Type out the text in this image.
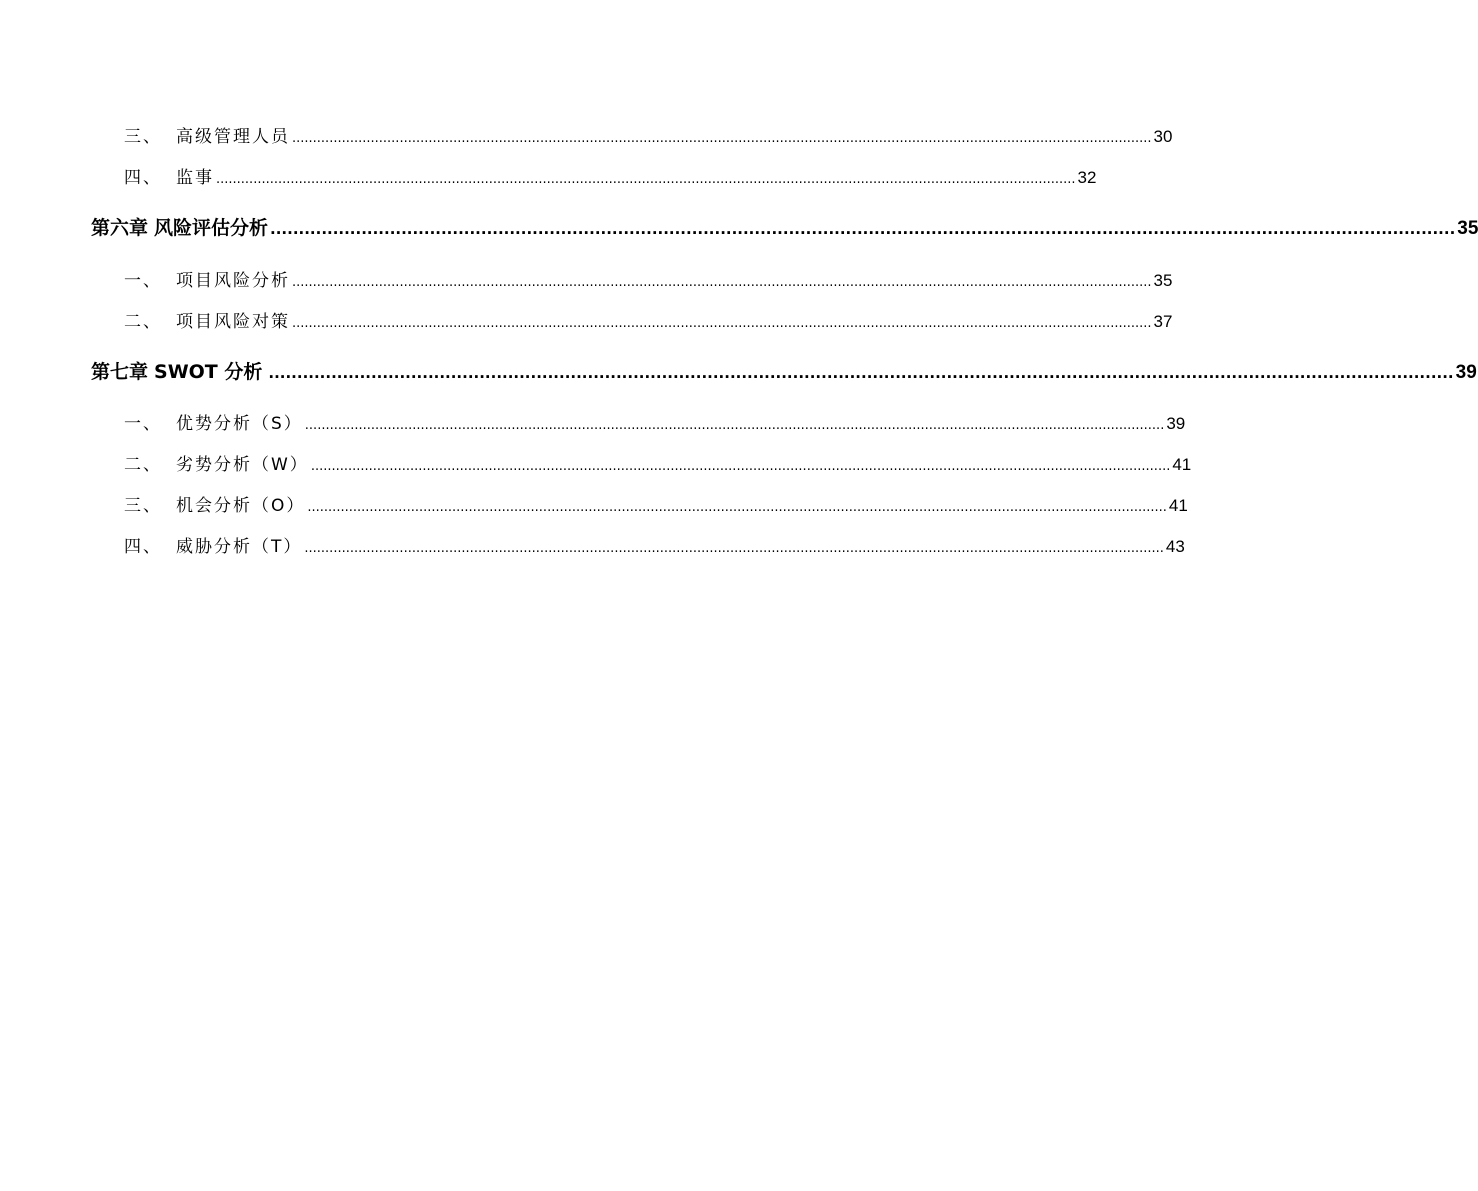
三、 高级管理人员 ................................................................................................................................................................................................................ 30
四、 监事 ................................................................................................................................................................................................................ 32
第六章 风险评估分析 ................................................................................................................................................................................................................ 35
一、 项目风险分析 ................................................................................................................................................................................................................ 35
二、 项目风险对策 ................................................................................................................................................................................................................ 37
第七章 SWOT 分析 ................................................................................................................................................................................................................ 39
一、 优势分析（S） ................................................................................................................................................................................................................ 39
二、 劣势分析（W） ................................................................................................................................................................................................................ 41
三、 机会分析（O） ................................................................................................................................................................................................................ 41
四、 威胁分析（T） ................................................................................................................................................................................................................ 43
